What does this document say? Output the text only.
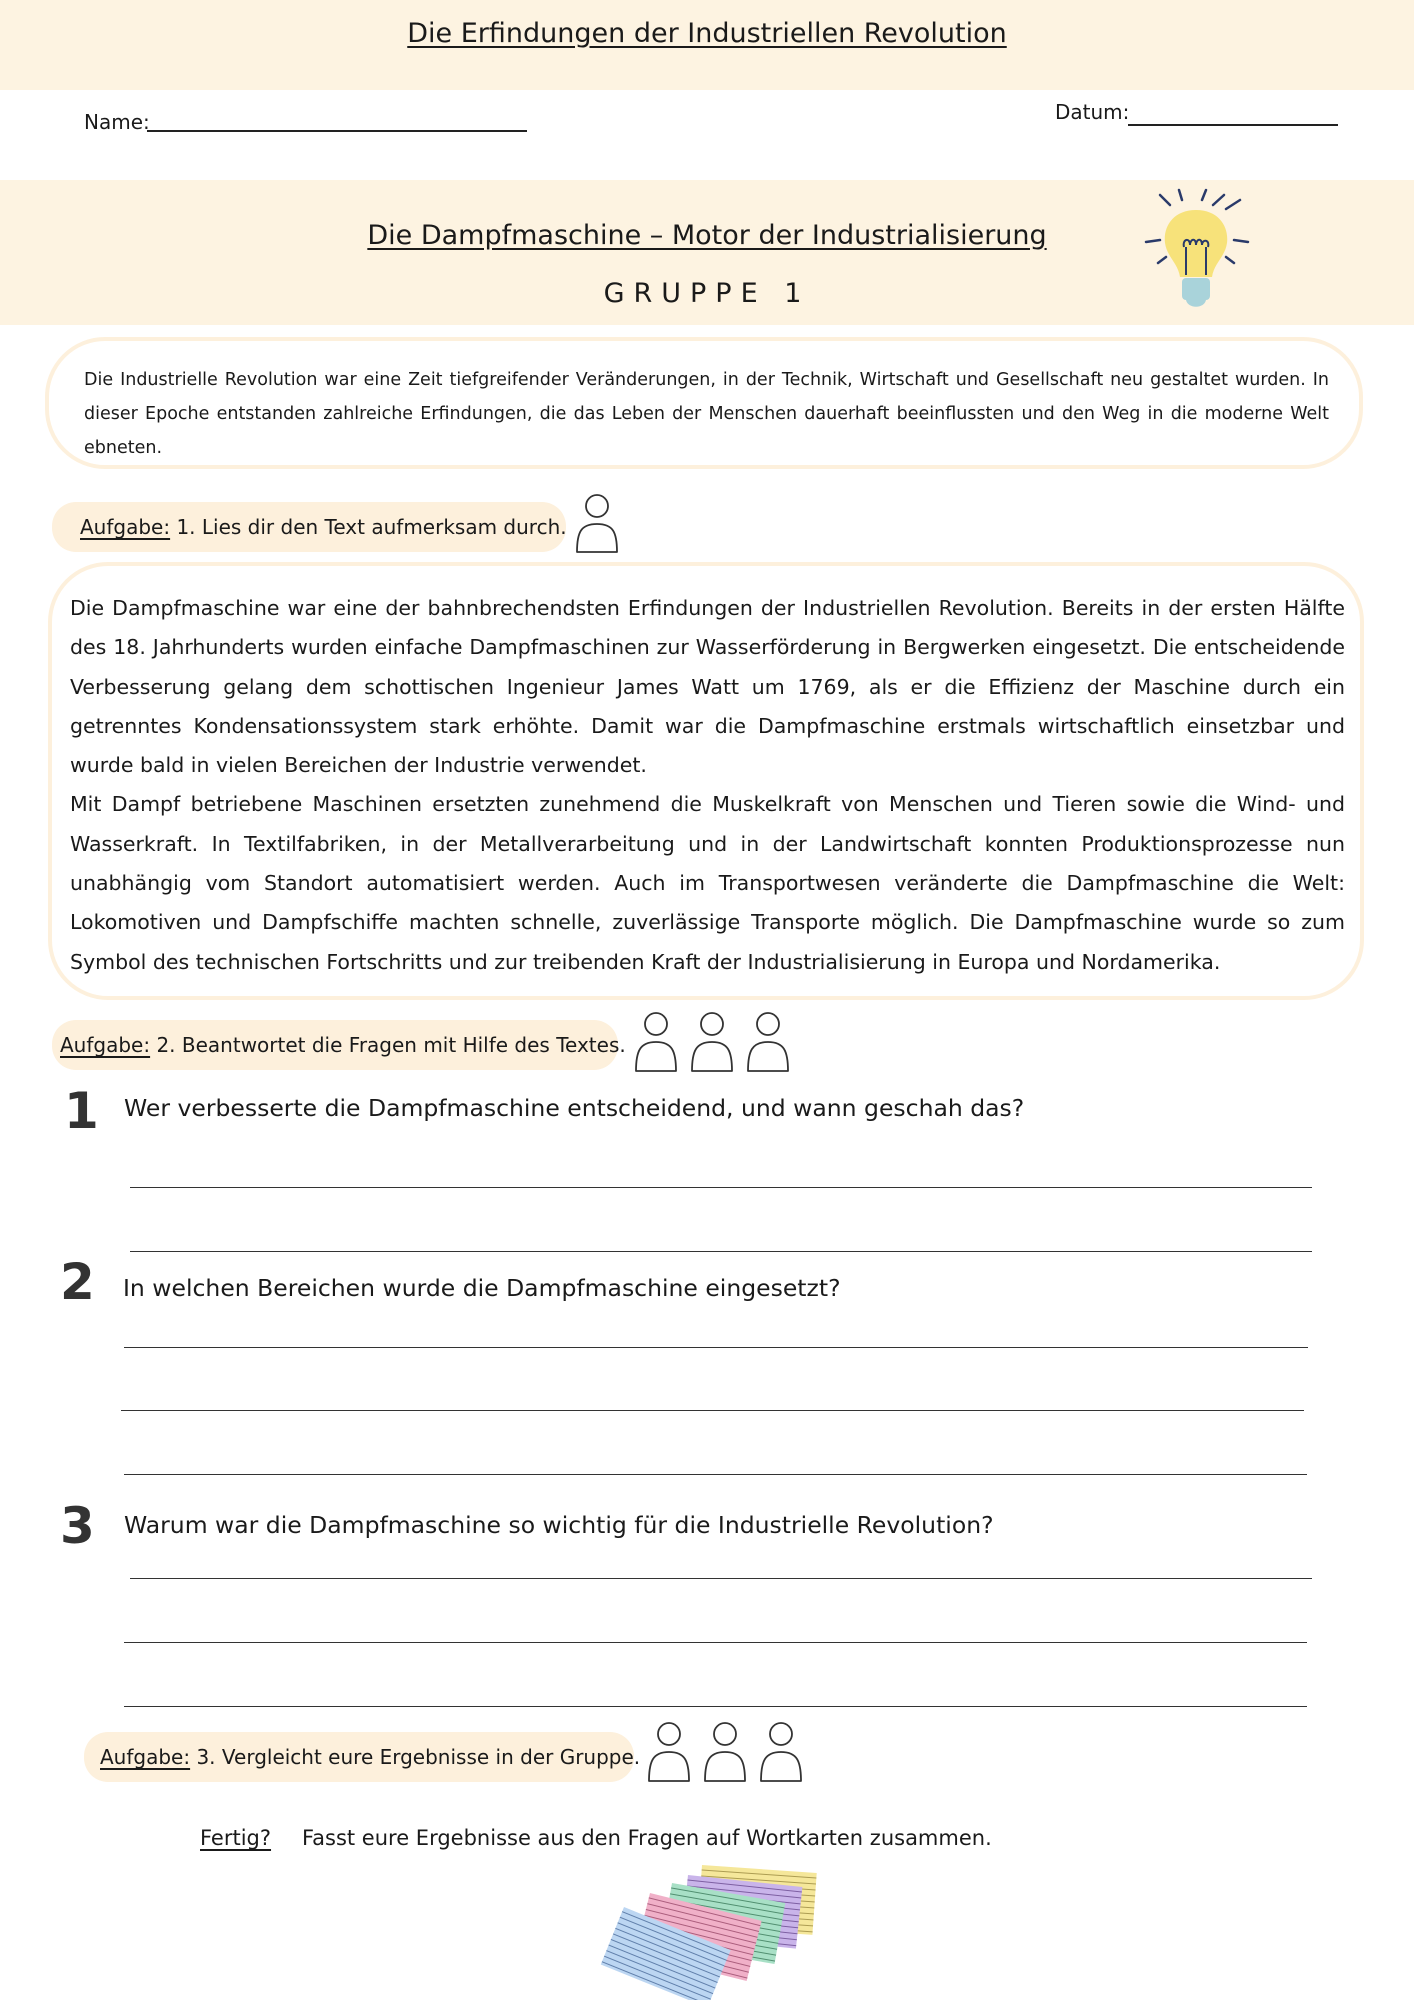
Die Erfindungen der Industriellen Revolution
Name:	Datum:
Die Dampfmaschine – Motor der Industrialisierung
GRUPPE 1
Die Industrielle Revolution war eine Zeit tiefgreifender Veränderungen, in der Technik, Wirtschaft und Gesellschaft neu gestaltet wurden. In dieser Epoche entstanden zahlreiche Erfindungen, die das Leben der Menschen dauerhaft beeinflussten und den Weg in die moderne Welt ebneten.
Aufgabe: 1. Lies dir den Text aufmerksam durch.
Die Dampfmaschine war eine der bahnbrechendsten Erfindungen der Industriellen Revolution. Bereits in der ersten Hälfte des 18. Jahrhunderts wurden einfache Dampfmaschinen zur Wasserförderung in Bergwerken eingesetzt. Die entscheidende Verbesserung gelang dem schottischen Ingenieur James Watt um 1769, als er die Effizienz der Maschine durch ein getrenntes Kondensationssystem stark erhöhte. Damit war die Dampfmaschine erstmals wirtschaftlich einsetzbar und wurde bald in vielen Bereichen der Industrie verwendet.
Mit Dampf betriebene Maschinen ersetzten zunehmend die Muskelkraft von Menschen und Tieren sowie die Wind- und Wasserkraft. In Textilfabriken, in der Metallverarbeitung und in der Landwirtschaft konnten Produktionsprozesse nun unabhängig vom Standort automatisiert werden. Auch im Transportwesen veränderte die Dampfmaschine die Welt: Lokomotiven und Dampfschiffe machten schnelle, zuverlässige Transporte möglich. Die Dampfmaschine wurde so zum Symbol des technischen Fortschritts und zur treibenden Kraft der Industrialisierung in Europa und Nordamerika.
Aufgabe: 2. Beantwortet die Fragen mit Hilfe des Textes.
1 Wer verbesserte die Dampfmaschine entscheidend, und wann geschah das?
2 In welchen Bereichen wurde die Dampfmaschine eingesetzt?
3 Warum war die Dampfmaschine so wichtig für die Industrielle Revolution?
Aufgabe: 3. Vergleicht eure Ergebnisse in der Gruppe.
Fertig? Fasst eure Ergebnisse aus den Fragen auf Wortkarten zusammen.
